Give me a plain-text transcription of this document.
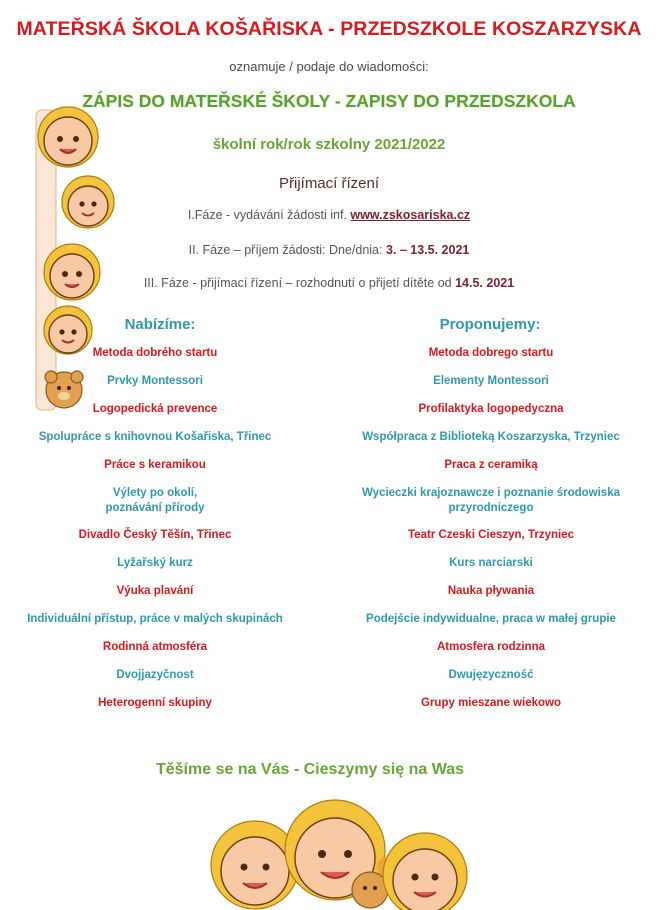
MATEŘSKÁ ŠKOLA KOŠAŘISKA - PRZEDSZKOLE KOSZARZYSKA
oznamuje / podaje do wiadomości:
ZÁPIS DO MATEŘSKÉ ŠKOLY - ZAPISY DO PRZEDSZKOLA
školní rok/rok szkolny 2021/2022
Přijímací řízení
I.Fáze - vydávání žádosti inf. www.zskosariska.cz
II. Fáze – příjem žádosti: Dne/dnia: 3. – 13.5. 2021
III. Fáze - přijímací řízení – rozhodnutí o přijetí dítěte od 14.5. 2021
Nabízíme:	Proponujemy:
Metoda dobrého startu
Prvky Montessori
Logopedická prevence
Spolupráce s knihovnou Košařiska, Třinec
Práce s keramikou
Výlety po okolí,
poznávání přírody
Divadlo Český Těšín, Třinec
Lyžařský kurz
Výuka plavání
Individuální přístup, práce v malých skupinách
Rodinná atmosféra
Dvojjazyčnost
Heterogenní skupiny
Metoda dobrego startu
Elementy Montessori
Profilaktyka logopedyczna
Współpraca z Biblioteką Koszarzyska, Trzyniec
Praca z ceramiką
Wycieczki krajoznawcze i poznanie środowiska
przyrodniczego
Teatr Czeski Cieszyn, Trzyniec
Kurs narciarski
Nauka pływania
Podejście indywidualne, praca w małej grupie
Atmosfera rodzinna
Dwujęzyczność
Grupy mieszane wiekowo
Těšíme se na Vás - Cieszymy się na Was
